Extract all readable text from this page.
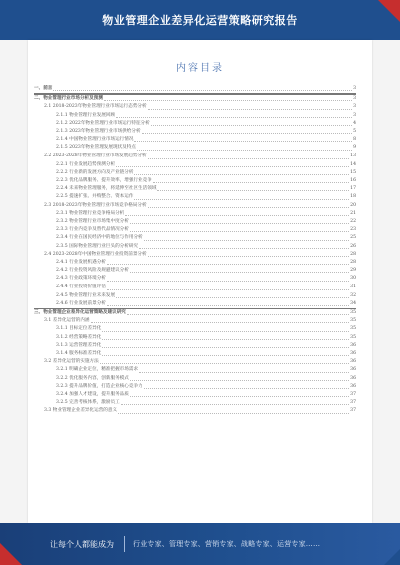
物业管理企业差异化运营策略研究报告
内容目录
一、前言	3
二、物业管理行业市场分析及预测	3
2.1 2018-2023年物业管理行业市场运行态势分析	3
2.1.1 物业管理行业发展回顾	3
2.1.2 2022年物业管理行业市场运行特征分析	4
2.1.3 2023年物业管理行业市场供给分析	5
2.1.4 中国物业管理行业市场运行情况	8
2.1.5 2023年物业管理发展现状及特点	9
2.2 2023-2028年物业管理行业市场发展趋势分析	13
2.2.1 行业发展趋势预测分析	14
2.2.2 行业新的发展方向及产业链分析	15
2.2.3 优化品牌服务、提升效率，增强行业竞争	16
2.2.4 未来物业管理服务，将延伸至社区生活领域	17
2.2.5 提速扩张、并购整合、资本运作	18
2.3 2018-2023年物业管理行业市场竞争格局分析	20
2.3.1 物业管理行业竞争格局分析	21
2.3.2 物业管理行业市场集中度分析	22
2.3.3 行业内竞争及替代品情况分析	23
2.3.4 行业在国民经济中的地位与作用分析	25
2.3.5 国际物业管理行业巨头的分析研究	26
2.4 2023-2028年中国物业管理行业投资前景分析	28
2.4.1 行业发展机遇分析	28
2.4.2 行业投资风险及规避建议分析	29
2.4.3 行业政策环境分析	30
2.4.4 行业投资价值评估	31
2.4.5 物业管理行业未来发展	32
2.4.6 行业发展前景分析	34
三、物业管理企业差异化运营策略及建议研究	35
3.1 差异化运营的内涵	35
3.1.1 目标定位差异化	35
3.1.2 经营策略差异化	35
3.1.3 运营管理差异化	36
3.1.4 服务标准差异化	36
3.2 差异化运营的实施方法	36
3.2.1 明确企业定位，精准把握市场需求	36
3.2.2 优化服务内容，创新服务模式	36
3.2.3 提升品牌价值，打造企业核心竞争力	36
3.2.4 加强人才建设，提升服务品质	37
3.2.5 完善考核体系，激励员工	37
3.3 物业管理企业差异化运营的意义	37
让每个人都能成为	行业专家、管理专家、营销专家、战略专家、运营专家……
